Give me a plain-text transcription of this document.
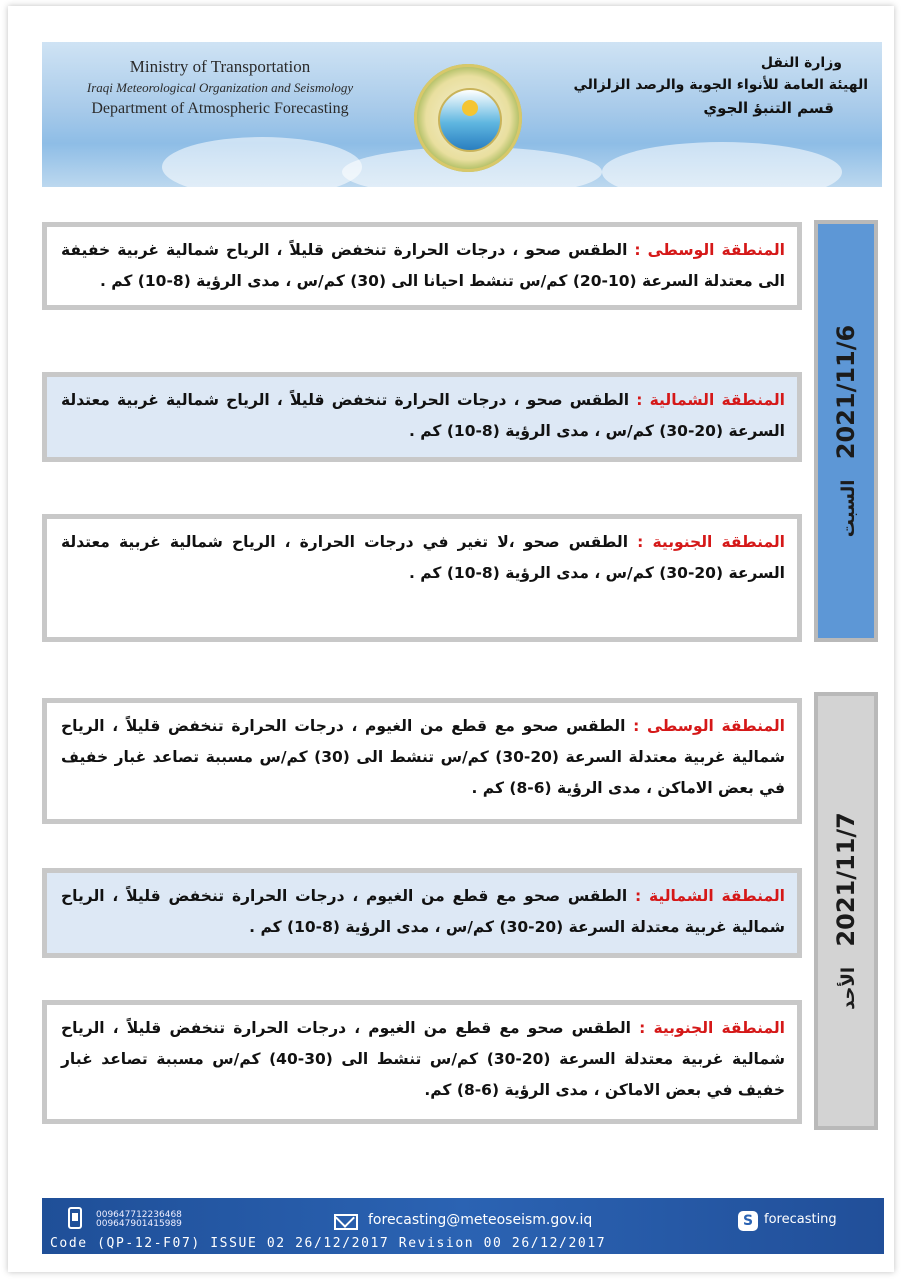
Ministry of Transportation
Iraqi Meteorological Organization and Seismology
Department of Atmospheric Forecasting
وزارة النقل
الهيئة العامة للأنواء الجوية والرصد الزلزالي
قسم التنبؤ الجوي
2021/11/6 السبت
المنطقة الوسطى : الطقس صحو ، درجات الحرارة تنخفض قليلاً ، الرياح شمالية غربية خفيفة الى معتدلة السرعة (10-20) كم/س تنشط احيانا الى (30) كم/س ، مدى الرؤية (8-10) كم .
المنطقة الشمالية : الطقس صحو ، درجات الحرارة تنخفض قليلاً ، الرياح شمالية غربية معتدلة السرعة (20-30) كم/س ، مدى الرؤية (8-10) كم .
المنطقة الجنوبية : الطقس صحو ،لا تغير في درجات الحرارة ، الرياح شمالية غربية معتدلة السرعة (20-30) كم/س ، مدى الرؤية (8-10) كم .
2021/11/7 الأحد
المنطقة الوسطى : الطقس صحو مع قطع من الغيوم ، درجات الحرارة تنخفض قليلاً ، الرياح شمالية غربية معتدلة السرعة (20-30) كم/س تنشط الى (30) كم/س مسببة تصاعد غبار خفيف في بعض الاماكن ، مدى الرؤية (6-8) كم .
المنطقة الشمالية : الطقس صحو مع قطع من الغيوم ، درجات الحرارة تنخفض قليلاً ، الرياح شمالية غربية معتدلة السرعة (20-30) كم/س ، مدى الرؤية (8-10) كم .
المنطقة الجنوبية : الطقس صحو مع قطع من الغيوم ، درجات الحرارة تنخفض قليلاً ، الرياح شمالية غربية معتدلة السرعة (20-30) كم/س تنشط الى (30-40) كم/س مسببة تصاعد غبار خفيف في بعض الاماكن ، مدى الرؤية (6-8) كم.
009647712236468
009647901415989	forecasting@meteoseism.gov.iq	S forecasting
Code (QP-12-F07) ISSUE 02 26/12/2017 Revision 00 26/12/2017
